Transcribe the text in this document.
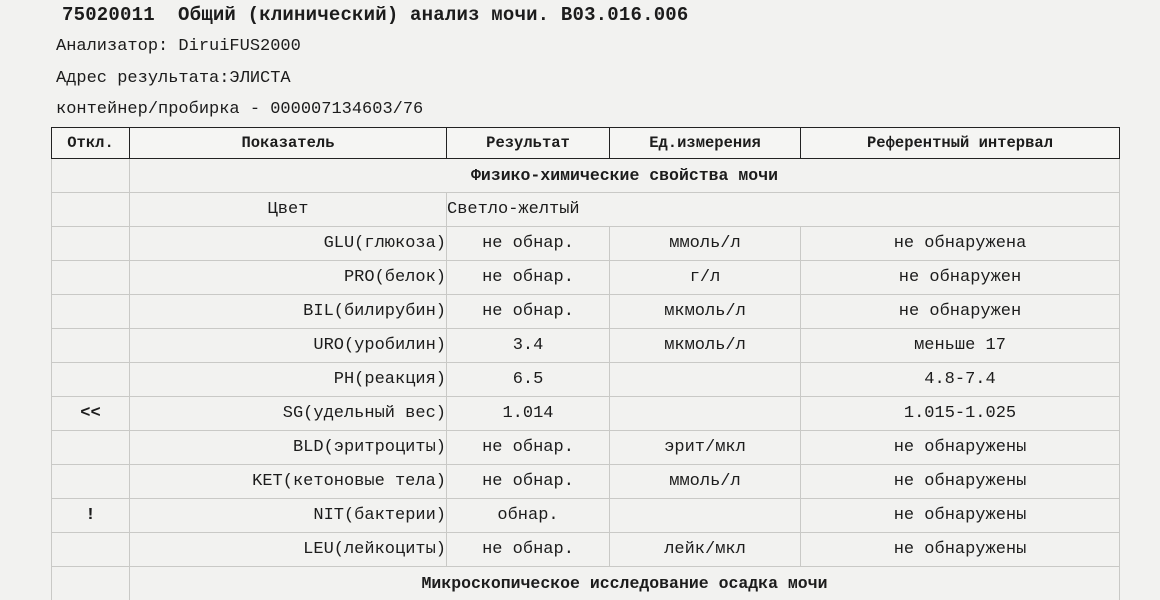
75020011  Общий (клинический) анализ мочи. B03.016.006
Анализатор: DiruiFUS2000
Адрес результата:ЭЛИСТА
контейнер/пробирка - 000007134603/76
Откл.	Показатель	Результат	Ед.измерения	Референтный интервал
	Физико-химические свойства мочи			
	Цвет	Светло-желтый		
	GLU(глюкоза)	не обнар.	ммоль/л	не обнаружена
	PRO(белок)	не обнар.	г/л	не обнаружен
	BIL(билирубин)	не обнар.	мкмоль/л	не обнаружен
	URO(уробилин)	3.4	мкмоль/л	меньше 17
	PH(реакция)	6.5		4.8-7.4
<<	SG(удельный вес)	1.014		1.015-1.025
	BLD(эритроциты)	не обнар.	эрит/мкл	не обнаружены
	KET(кетоновые тела)	не обнар.	ммоль/л	не обнаружены
!	NIT(бактерии)	обнар.		не обнаружены
	LEU(лейкоциты)	не обнар.	лейк/мкл	не обнаружены
	Микроскопическое исследование осадка мочи			
